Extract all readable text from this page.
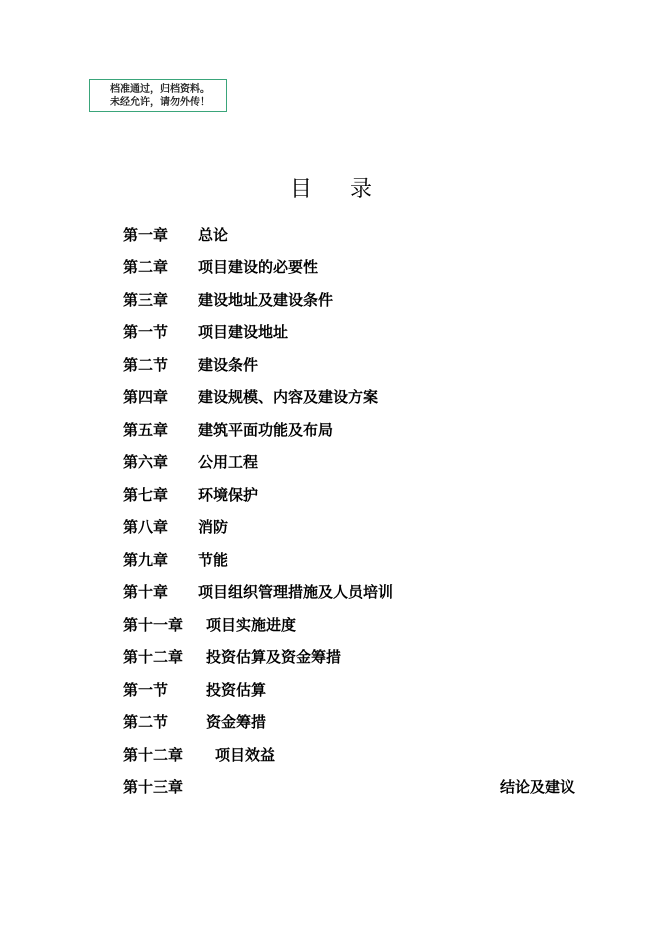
档准通过，归档资料。
未经允许，请勿外传！
目 录
第一章	总论
第二章	项目建设的必要性
第三章	建设地址及建设条件
第一节	项目建设地址
第二节	建设条件
第四章	建设规模、内容及建设方案
第五章	建筑平面功能及布局
第六章	公用工程
第七章	环境保护
第八章	消防
第九章	节能
第十章	项目组织管理措施及人员培训
第十一章	项目实施进度
第十二章	投资估算及资金筹措
第一节	投资估算
第二节	资金筹措
第十二章	项目效益
第十三章	结论及建议
